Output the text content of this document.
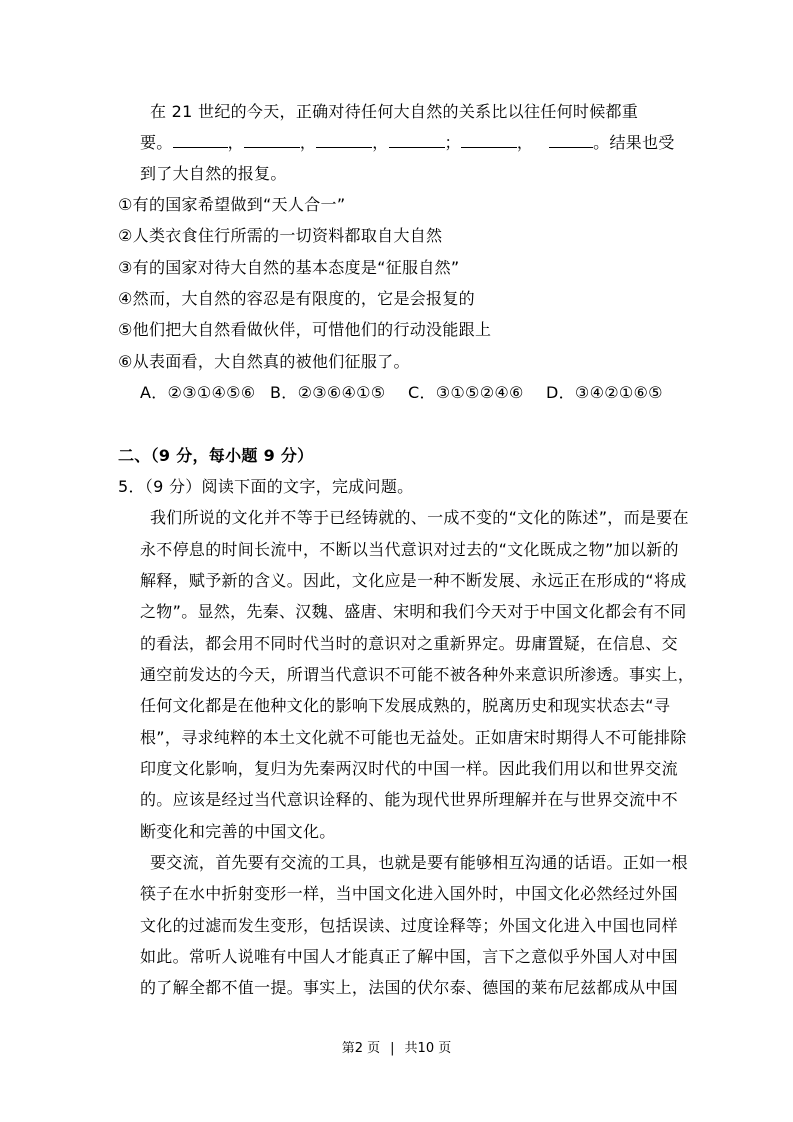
在 21 世纪的今天，正确对待任何大自然的关系比以往任何时候都重
要。	，	，	，	；	，	。结果也受
到了大自然的报复。
①有的国家希望做到“天人合一”
②人类衣食住行所需的一切资料都取自大自然
③有的国家对待大自然的基本态度是“征服自然”
④然而，大自然的容忍是有限度的，它是会报复的
⑤他们把大自然看做伙伴，可惜他们的行动没能跟上
⑥从表面看，大自然真的被他们征服了。
A．②③①④⑤⑥ B．②③⑥④①⑤ C．③①⑤②④⑥ D．③④②①⑥⑤
二、（9 分，每小题 9 分）
5．（9 分）阅读下面的文字，完成问题。
我们所说的文化并不等于已经铸就的、一成不变的“文化的陈述”，而是要在
永不停息的时间长流中，不断以当代意识对过去的“文化既成之物”加以新的
解释，赋予新的含义。因此，文化应是一种不断发展、永远正在形成的“将成
之物”。显然，先秦、汉魏、盛唐、宋明和我们今天对于中国文化都会有不同
的看法，都会用不同时代当时的意识对之重新界定。毋庸置疑，在信息、交
通空前发达的今天，所谓当代意识不可能不被各种外来意识所渗透。事实上，
任何文化都是在他种文化的影响下发展成熟的，脱离历史和现实状态去“寻
根”，寻求纯粹的本土文化就不可能也无益处。正如唐宋时期得人不可能排除
印度文化影响，复归为先秦两汉时代的中国一样。因此我们用以和世界交流
的。应该是经过当代意识诠释的、能为现代世界所理解并在与世界交流中不
断变化和完善的中国文化。
要交流，首先要有交流的工具，也就是要有能够相互沟通的话语。正如一根
筷子在水中折射变形一样，当中国文化进入国外时，中国文化必然经过外国
文化的过滤而发生变形，包括误读、过度诠释等；外国文化进入中国也同样
如此。常听人说唯有中国人才能真正了解中国，言下之意似乎外国人对中国
的了解全都不值一提。事实上，法国的伏尔泰、德国的莱布尼兹都成从中国
第2 页 | 共10 页
